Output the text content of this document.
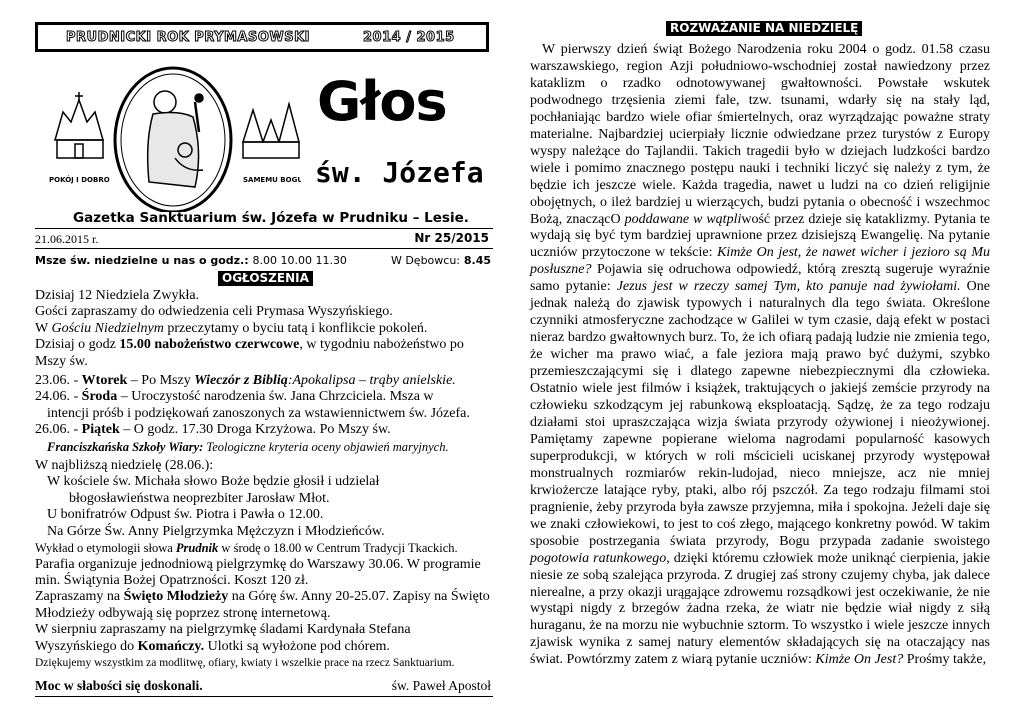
PRUDNICKI ROK PRYMASOWSKI	2014 / 2015
POKÓJ I DOBRO	SAMEMU BOGU
Głos
św. Józefa
Gazetka Sanktuarium św. Józefa w Prudniku – Lesie.
21.06.2015 r.	Nr 25/2015
Msze św. niedzielne u nas o godz.: 8.00 10.00 11.30	W Dębowcu: 8.45
OGŁOSZENIA

Dzisiaj 12 Niedziela Zwykła.

Gości zapraszamy do odwiedzenia celi Prymasa Wyszyńskiego.

W Gościu Niedzielnym przeczytamy o byciu tatą i konflikcie pokoleń.

Dzisiaj o godz 15.00 nabożeństwo czerwcowe, w tygodniu nabożeństwo po Mszy św.

23.06. - Wtorek – Po Mszy Wieczór z Biblią:Apokalipsa – trąby anielskie.

24.06. - Środa – Uroczystość narodzenia św. Jana Chrzciciela. Msza w

intencji próśb i podziękowań zanoszonych za wstawiennictwem św. Józefa.

26.06. - Piątek – O godz. 17.30 Droga Krzyżowa. Po Mszy św.

Franciszkańska Szkoły Wiary: Teologiczne kryteria oceny objawień maryjnych.

W najbliższą niedzielę (28.06.):

W kościele św. Michała słowo Boże będzie głosił i udzielał

błogosławieństwa neoprezbiter Jarosław Młot.

U bonifratrów Odpust św. Piotra i Pawła o 12.00.

Na Górze Św. Anny Pielgrzymka Mężczyzn i Młodzieńców.

Wykład o etymologii słowa Prudnik w środę o 18.00 w Centrum Tradycji Tkackich.

Parafia organizuje jednodniową pielgrzymkę do Warszawy 30.06. W programie min. Świątynia Bożej Opatrzności. Koszt 120 zł.

Zapraszamy na Święto Młodzieży na Górę św. Anny 20-25.07. Zapisy na Święto Młodzieży odbywają się poprzez stronę internetową.

W sierpniu zapraszamy na pielgrzymkę śladami Kardynała Stefana Wyszyńskiego do Komańczy. Ulotki są wyłożone pod chórem.

Dziękujemy wszystkim za modlitwę, ofiary, kwiaty i wszelkie prace na rzecz Sanktuarium.

Moc w słabości się doskonali.	św. Paweł Apostoł
ROZWAŻANIE NA NIEDZIELĘ

W pierwszy dzień świąt Bożego Narodzenia roku 2004 o godz. 01.58 czasu warszawskiego, region Azji południowo-wschodniej został nawiedzony przez kataklizm o rzadko odnotowywanej gwałtowności. Powstałe wskutek podwodnego trzęsienia ziemi fale, tzw. tsunami, wdarły się na stały ląd, pochłaniając bardzo wiele ofiar śmiertelnych, oraz wyrządzając poważne straty materialne. Najbardziej ucierpiały licznie odwiedzane przez turystów z Europy wyspy należące do Tajlandii. Takich tragedii było w dziejach ludzkości bardzo wiele i pomimo znacznego postępu nauki i techniki liczyć się należy z tym, że będzie ich jeszcze wiele. Każda tragedia, nawet u ludzi na co dzień religijnie obojętnych, o ileż bardziej u wierzących, budzi pytania o obecność i wszechmoc Bożą, znaczącO poddawane w wątpliwość przez dzieje się kataklizmy. Pytania te wydają się być tym bardziej uprawnione przez dzisiejszą Ewangelię. Na pytanie uczniów przytoczone w tekście: Kimże On jest, że nawet wicher i jezioro są Mu posłuszne? Pojawia się odruchowa odpowiedź, którą zresztą sugeruje wyraźnie samo pytanie: Jezus jest w rzeczy samej Tym, kto panuje nad żywiołami. One jednak należą do zjawisk typowych i naturalnych dla tego świata. Określone czynniki atmosferyczne zachodzące w Galilei w tym czasie, dają efekt w postaci nieraz bardzo gwałtownych burz. To, że ich ofiarą padają ludzie nie zmienia tego, że wicher ma prawo wiać, a fale jeziora mają prawo być dużymi, szybko przemieszczającymi się i dlatego zapewne niebezpiecznymi dla człowieka. Ostatnio wiele jest filmów i książek, traktujących o jakiejś zemście przyrody na człowieku szkodzącym jej rabunkową eksploatacją. Sądzę, że za tego rodzaju działami stoi upraszczająca wizja świata przyrody ożywionej i nieożywionej. Pamiętamy zapewne popierane wieloma nagrodami popularność kasowych superprodukcji, w których w roli mścicieli uciskanej przyrody występował monstrualnych rozmiarów rekin-ludojad, nieco mniejsze, acz nie mniej krwiożercze latające ryby, ptaki, albo rój pszczół. Za tego rodzaju filmami stoi pragnienie, żeby przyroda była zawsze przyjemna, miła i spokojna. Jeżeli daje się we znaki człowiekowi, to jest to coś złego, mającego konkretny powód. W takim sposobie postrzegania świata przyrody, Bogu przypada zadanie swoistego pogotowia ratunkowego, dzięki któremu człowiek może uniknąć cierpienia, jakie niesie ze sobą szalejąca przyroda. Z drugiej zaś strony czujemy chyba, jak dalece nierealne, a przy okazji urągające zdrowemu rozsądkowi jest oczekiwanie, że nie wystąpi nigdy z brzegów żadna rzeka, że wiatr nie będzie wiał nigdy z siłą huraganu, że na morzu nie wybuchnie sztorm. To wszystko i wiele jeszcze innych zjawisk wynika z samej natury elementów składających się na otaczający nas świat. Powtórzmy zatem z wiarą pytanie uczniów: Kimże On Jest? Prośmy także,
